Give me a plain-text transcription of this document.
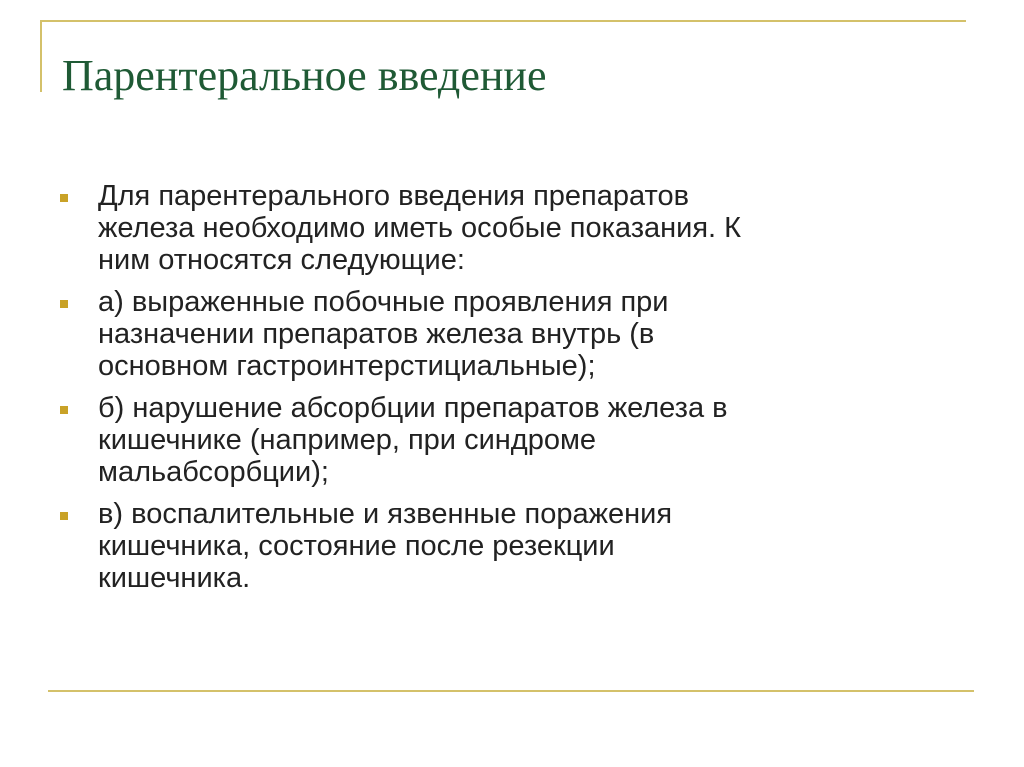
Парентеральное введение
Для парентерального введения препаратов
железа необходимо иметь особые показания. К
ним относятся следующие:
а) выраженные побочные проявления при
назначении препаратов железа внутрь (в
основном гастроинтерстициальные);
б) нарушение абсорбции препаратов железа в
кишечнике (например, при синдроме
мальабсорбции);
в) воспалительные и язвенные поражения
кишечника, состояние после резекции
кишечника.
